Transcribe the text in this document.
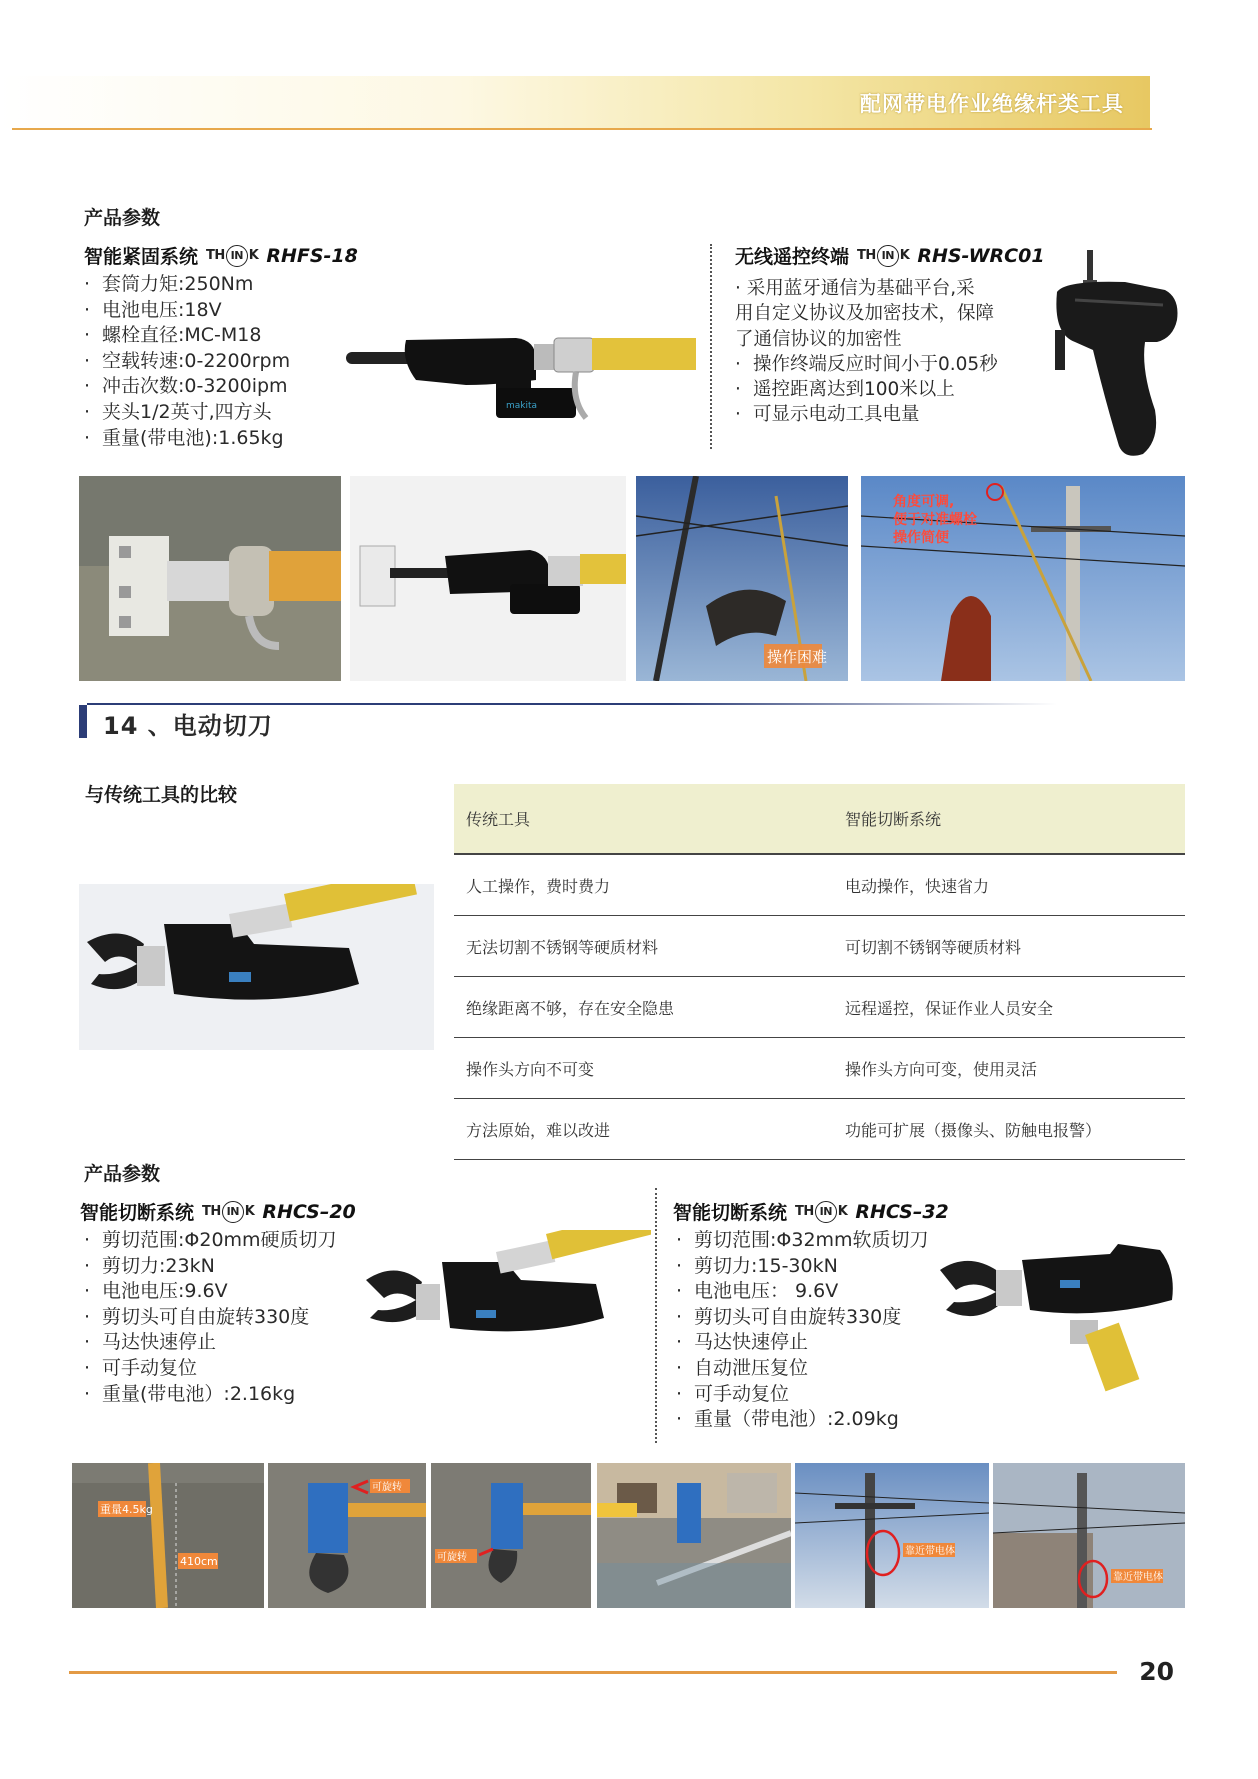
配网带电作业绝缘杆类工具
产品参数
智能紧固系统 TH IN K RHFS-18
· 套筒力矩:250Nm
· 电池电压:18V
· 螺栓直径:MC-M18
· 空载转速:0-2200rpm
· 冲击次数:0-3200ipm
· 夹头1/2英寸,四方头
· 重量(带电池):1.65kg
makita
无线遥控终端 TH IN K RHS-WRC01
· 采用蓝牙通信为基础平台,采
用自定义协议及加密技术，保障
了通信协议的加密性
· 操作终端反应时间小于0.05秒
· 遥控距离达到100米以上
· 可显示电动工具电量
操作困难
角度可调,
便于对准螺栓
操作简便
14 、电动切刀
与传统工具的比较
传统工具	智能切断系统
人工操作，费时费力	电动操作，快速省力
无法切割不锈钢等硬质材料	可切割不锈钢等硬质材料
绝缘距离不够，存在安全隐患	远程遥控，保证作业人员安全
操作头方向不可变	操作头方向可变，使用灵活
方法原始，难以改进	功能可扩展（摄像头、防触电报警）
产品参数
智能切断系统 TH IN K RHCS–20
· 剪切范围:Φ20mm硬质切刀
· 剪切力:23kN
· 电池电压:9.6V
· 剪切头可自由旋转330度
· 马达快速停止
· 可手动复位
· 重量(带电池）:2.16kg
智能切断系统 TH IN K RHCS–32
· 剪切范围:Φ32mm软质切刀
· 剪切力:15-30kN
· 电池电压： 9.6V
· 剪切头可自由旋转330度
· 马达快速停止
· 自动泄压复位
· 可手动复位
· 重量（带电池）:2.09kg
重量4.5kg
410cm
可旋转
可旋转
靠近带电体
靠近带电体
20
